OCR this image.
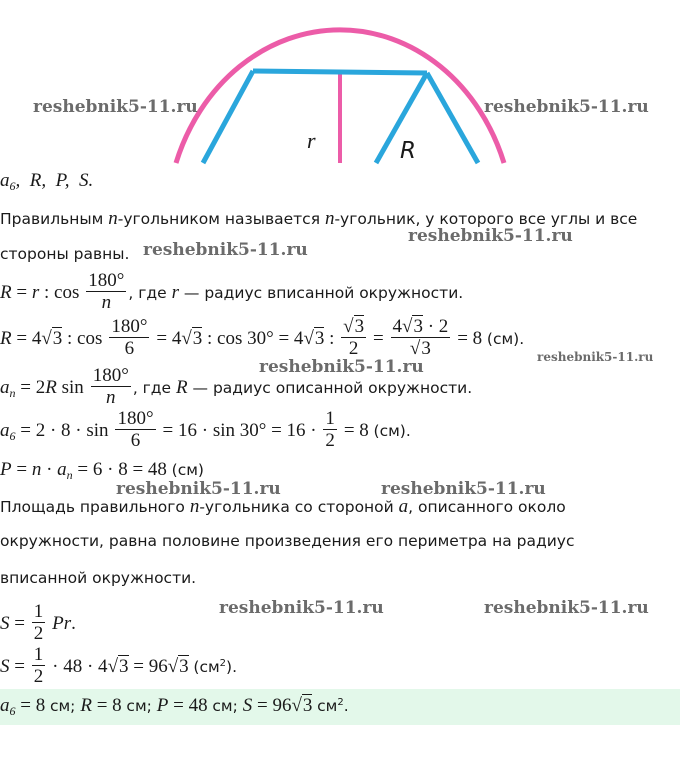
r	R
reshebnik5-11.ru	reshebnik5-11.ru
reshebnik5-11.ru
reshebnik5-11.ru
reshebnik5-11.ru	reshebnik5-11.ru
reshebnik5-11.ru	reshebnik5-11.ru
reshebnik5-11.ru	reshebnik5-11.ru
$a_6$,  R,  P,  S.
Правильным n-угольником называется n-угольник, у которого все углы и все
стороны равны.
R = r : $\cos \frac{180^\circ}{n}$ , где r — радиус вписанной окружности.
R = 4√3 : $\cos \frac{180^\circ}{6} = 4√3$ : cos 30° = 4√3 : $\frac{√3}{2} = \frac{4√3 \cdot 2}{√3} = 8$ (см).
$a_n = 2R$ $\sin \frac{180^\circ}{n}$ , где R — радиус описанной окружности.
$a_6 = 2 \cdot 8 \cdot \sin \frac{180^\circ}{6} = 16 \cdot \sin 30^\circ = 16 \cdot \frac{1}{2} = 8$ (см).
$P = n \cdot a_n = 6 \cdot 8 = 48$ (см)
Площадь правильного n-угольника со стороной a, описанного около
окружности, равна половине произведения его периметра на радиус
вписанной окружности.
$S = \frac{1}{2} Pr$.
$S = \frac{1}{2} \cdot 48 \cdot 4√3 = 96√3$ $(см^2)$.
$a_6 = 8$ см; R = 8 см; P = 48 см; S = 96√3 $см^2$.
